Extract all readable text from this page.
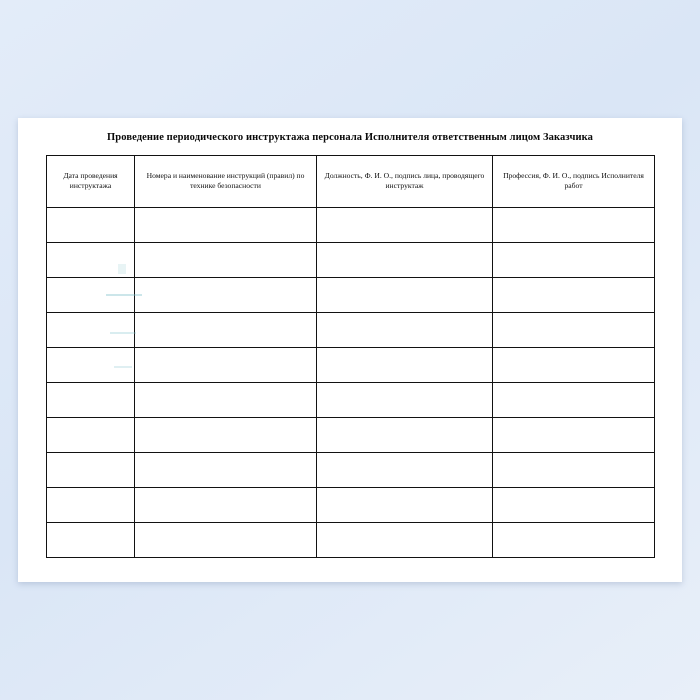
Проведение периодического инструктажа персонала Исполнителя ответственным лицом Заказчика
Дата проведения инструктажа	Номера и наименование инструкций (правил) по технике безопасности	Должность, Ф. И. О., подпись лица, проводящего инструктаж	Профессия, Ф. И. О., подпись Исполнителя работ
